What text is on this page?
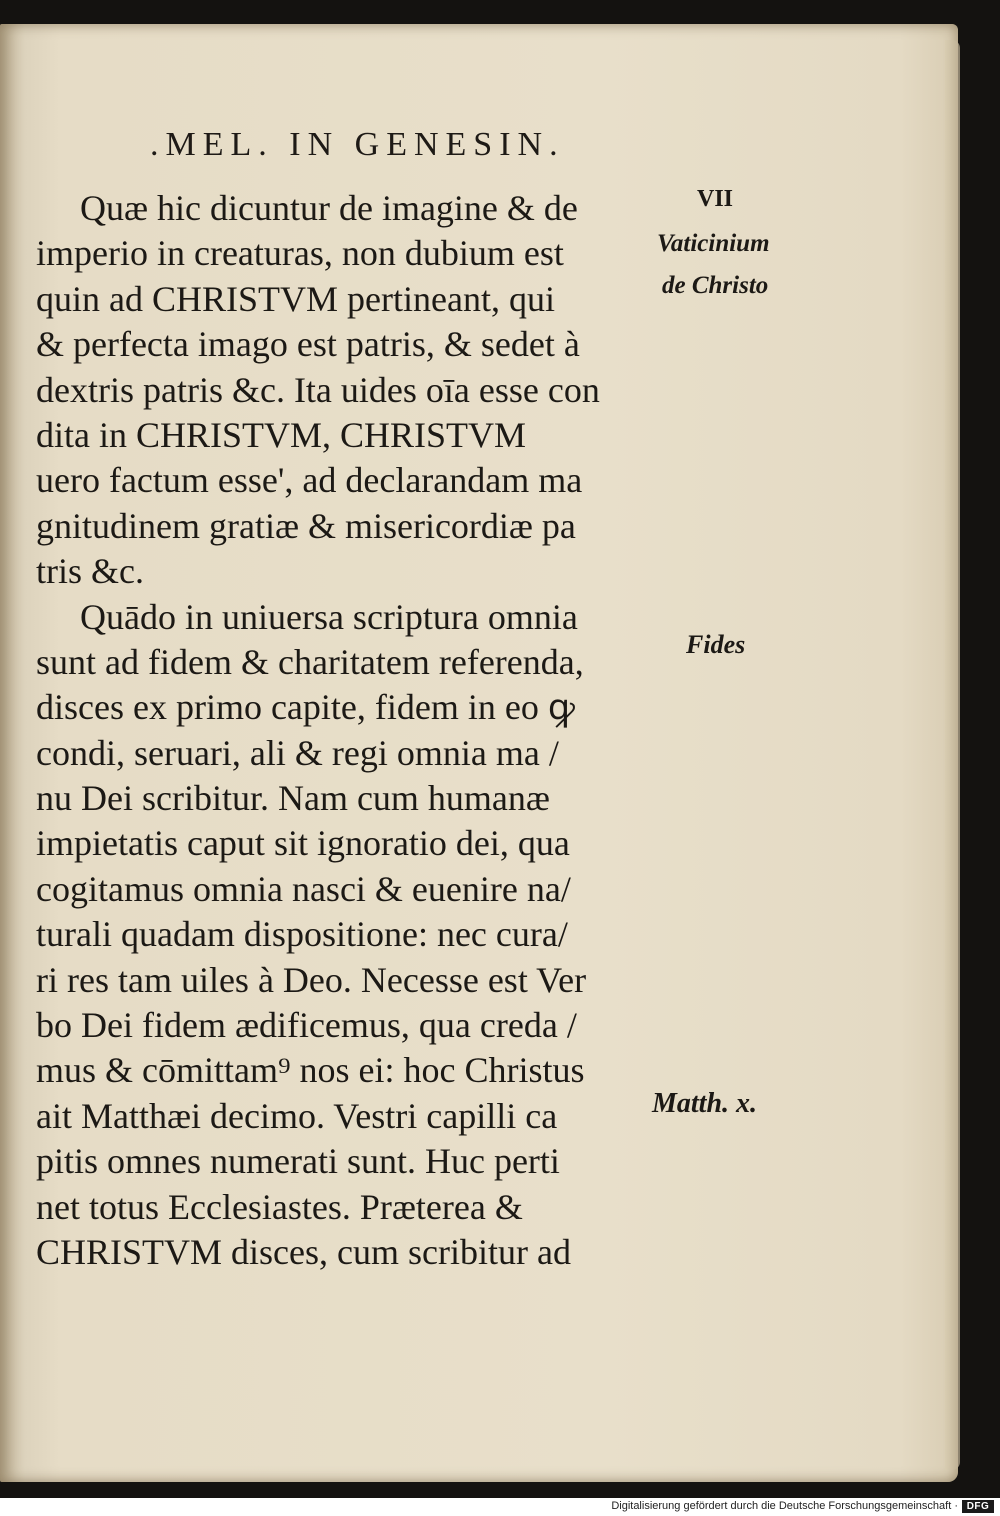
.MEL. IN GENESIN.
Quæ hic dicuntur de imagine & de
imperio in creaturas, non dubium est
quin ad CHRISTVM pertineant, qui
& perfecta imago est patris, & sedet à
dextris patris &c. Ita uides oīa esse con
dita in CHRISTVM, CHRISTVM
uero factum esse', ad declarandam ma
gnitudinem gratiæ & misericordiæ pa
tris &c.
Quādo in uniuersa scriptura omnia
sunt ad fidem & charitatem referenda,
disces ex primo capite, fidem in eo ꝙ
condi, seruari, ali & regi omnia ma /
nu Dei scribitur. Nam cum humanæ
impietatis caput sit ignoratio dei, qua
cogitamus omnia nasci & euenire na/
turali quadam dispositione: nec cura/
ri res tam uiles à Deo. Necesse est Ver
bo Dei fidem ædificemus, qua creda /
mus & cōmittam⁹ nos ei: hoc Christus
ait Matthæi decimo. Vestri capilli ca
pitis omnes numerati sunt. Huc perti
net totus Ecclesiastes. Præterea &
CHRISTVM disces, cum scribitur ad
VII
Vaticinium
de Christo
Fides
Matth. x.
Digitalisierung gefördert durch die Deutsche Forschungsgemeinschaft · DFG
